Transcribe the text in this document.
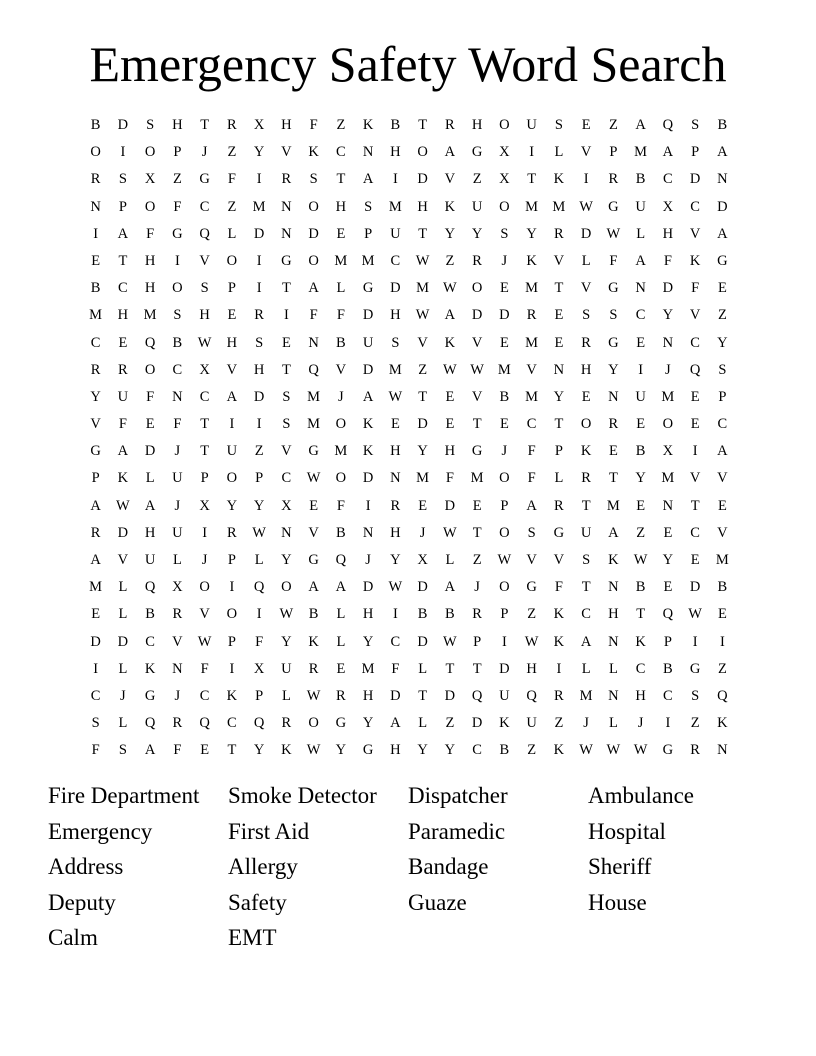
Emergency Safety Word Search
B	D	S	H	T	R	X	H	F	Z	K	B	T	R	H	O	U	S	E	Z	A	Q	S	B
O	I	O	P	J	Z	Y	V	K	C	N	H	O	A	G	X	I	L	V	P	M	A	P	A
R	S	X	Z	G	F	I	R	S	T	A	I	D	V	Z	X	T	K	I	R	B	C	D	N
N	P	O	F	C	Z	M	N	O	H	S	M	H	K	U	O	M M W	G	U	X	C	D
I	A	F	G	Q	L	D	N	D	E	P	U	T	Y	Y	S	Y	R	D	W	L	H	V	A
E	T	H	I	V	O	I	G	O	M M	C	W	Z	R	J	K	V	L	F	A	F	K	G
B	C	H	O	S	P	I	T	A	L	G	D	M W	O	E	M	T	V	G	N	D	F	E
M	H	M	S	H	E	R	I	F	F	D	H	W	A	D	D	R	E	S	S	C	Y	V	Z
C	E	Q	B	W	H	S	E	N	B	U	S	V	K	V	E	M	E	R	G	E	N	C	Y
R	R	O	C	X	V	H	T	Q	V	D	M	Z	W W M	V	N	H	Y	I	J	Q	S
Y	U	F	N	C	A	D	S	M	J	A	W	T	E	V	B	M	Y	E	N	U	M	E	P
V	F	E	F	T	I	I	S	M	O	K	E	D	E	T	E	C	T	O	R	E	O	E	C
G	A	D	J	T	U	Z	V	G	M	K	H	Y	H	G	J	F	P	K	E	B	X	I	A
P	K	L	U	P	O	P	C	W	O	D	N	M	F	M	O	F	L	R	T	Y	M	V	V
A	W	A	J	X	Y	Y	X	E	F	I	R	E	D	E	P	A	R	T	M	E	N	T	E
R	D	H	U	I	R	W	N	V	B	N	H	J	W	T	O	S	G	U	A	Z	E	C	V
A	V	U	L	J	P	L	Y	G	Q	J	Y	X	L	Z	W	V	V	S	K	W	Y	E	M
M	L	Q	X	O	I	Q	O	A	A	D	W	D	A	J	O	G	F	T	N	B	E	D	B
E	L	B	R	V	O	I	W	B	L	H	I	B	B	R	P	Z	K	C	H	T	Q	W	E
D	D	C	V	W	P	F	Y	K	L	Y	C	D	W	P	I	W	K	A	N	K	P	I	I
I	L	K	N	F	I	X	U	R	E	M	F	L	T	T	D	H	I	L	L	C	B	G	Z
C	J	G	J	C	K	P	L	W	R	H	D	T	D	Q	U	Q	R	M	N	H	C	S	Q
S	L	Q	R	Q	C	Q	R	O	G	Y	A	L	Z	D	K	U	Z	J	L	J	I	Z	K
F	S	A	F	E	T	Y	K	W	Y	G	H	Y	Y	C	B	Z	K	W W W	G	R	N
Fire Department	Smoke Detector	Dispatcher	Ambulance
Emergency	First Aid	Paramedic	Hospital
Address	Allergy	Bandage	Sheriff
Deputy	Safety	Guaze	House
Calm	EMT
